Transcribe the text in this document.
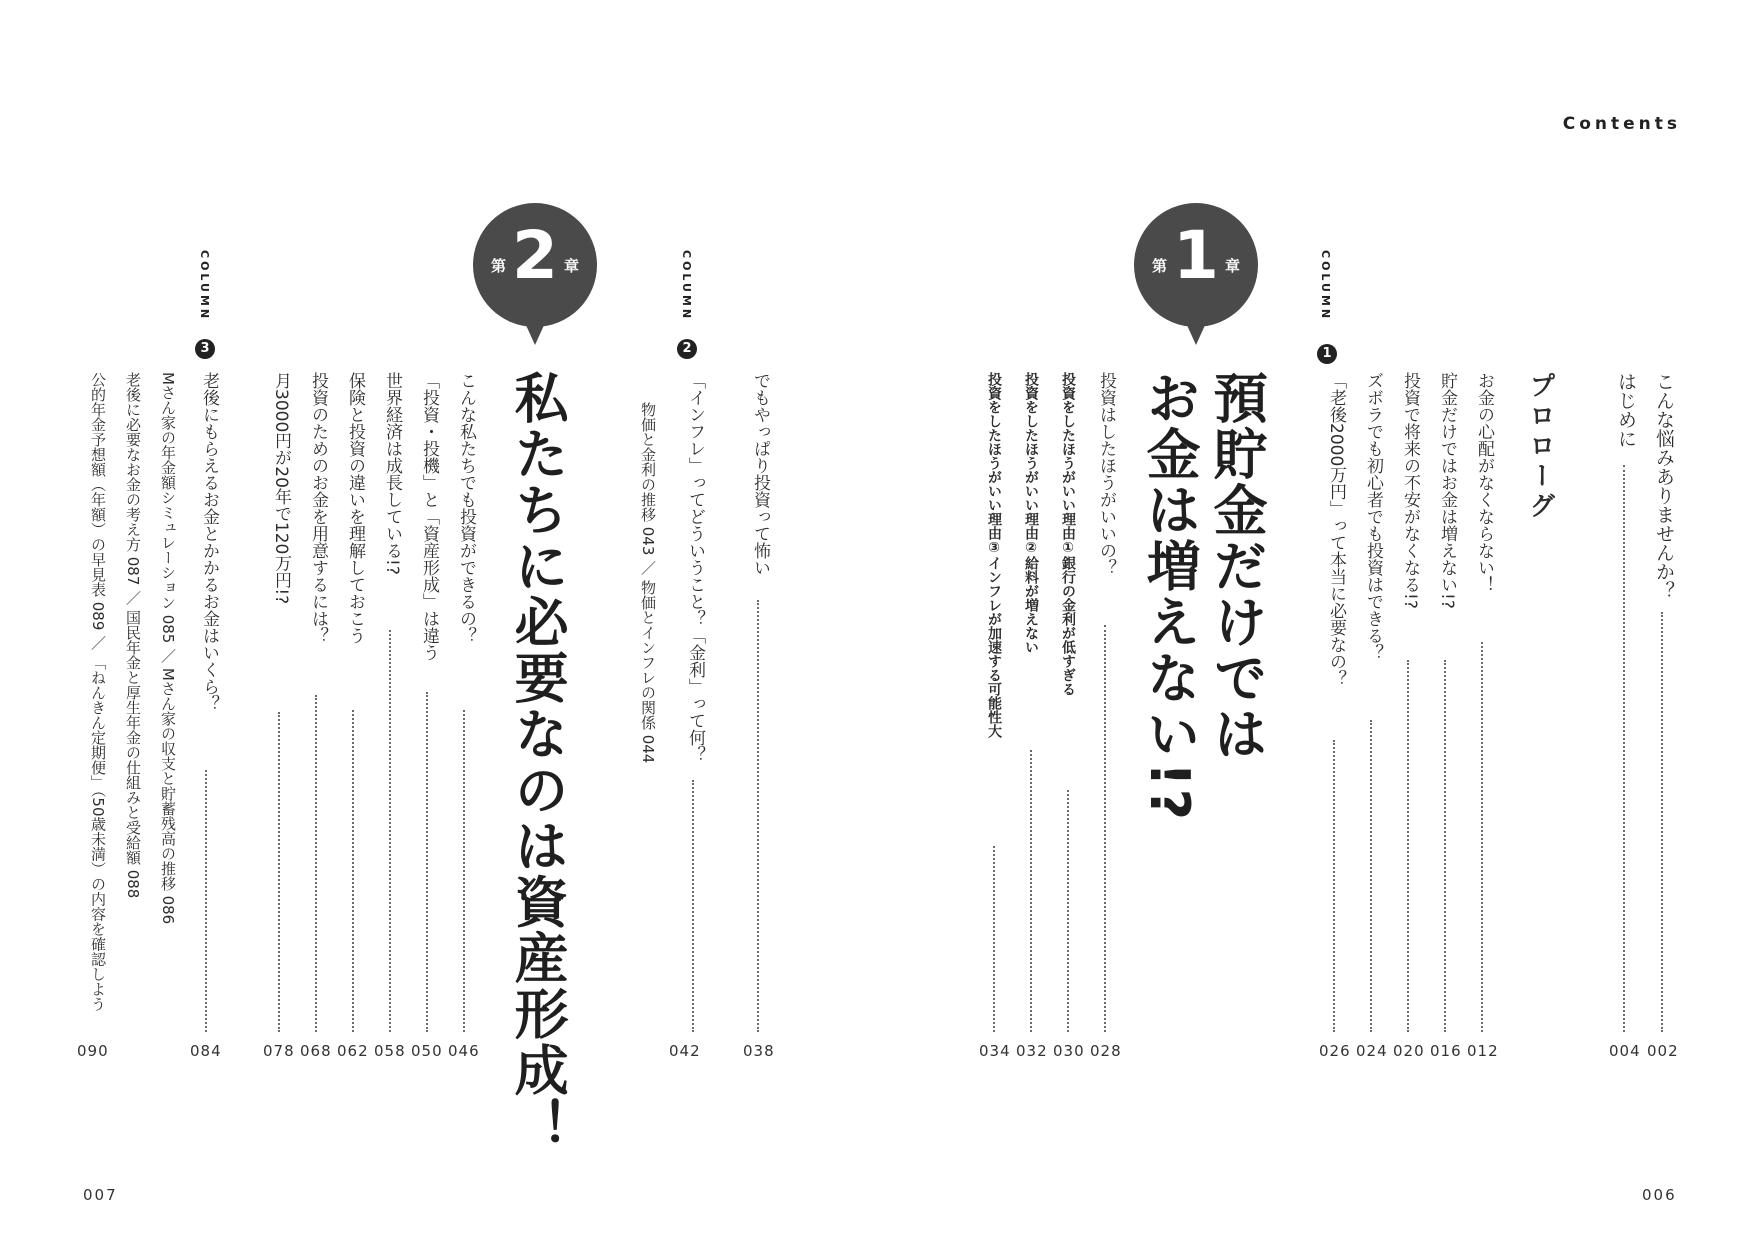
Contents
こんな悩みありませんか？
002
はじめに
004
プロローグ
お金の心配がなくならない！
012
貯金だけではお金は増えない!?
016
投資で将来の不安がなくなる!?
020
ズボラでも初心者でも投資はできる？
024
COLUMN
1
「老後2000万円」って本当に必要なの？
026
第 1 章
預貯金だけでは
お金は増えない!?
投資はしたほうがいいの？
028
投資をしたほうがいい理由①銀行の金利が低すぎる
030
投資をしたほうがいい理由②給料が増えない
032
投資をしたほうがいい理由③インフレが加速する可能性大
034
でもやっぱり投資って怖い
038
COLUMN
2
「インフレ」ってどういうこと？「金利」って何？
042
物価と金利の推移 043 ／ 物価とインフレの関係 044
第 2 章
私たちに必要なのは資産形成！
こんな私たちでも投資ができるの？
046
「投資・投機」と「資産形成」は違う
050
世界経済は成長している!?
058
保険と投資の違いを理解しておこう
062
投資のためのお金を用意するには？
068
月3000円が20年で120万円!?
078
COLUMN
3
老後にもらえるお金とかかるお金はいくら？
084
Mさん家の年金額シミュレーション 085 ／ Mさん家の収支と貯蓄残高の推移 086
老後に必要なお金の考え方 087 ／ 国民年金と厚生年金の仕組みと受給額 088
公的年金予想額（年額）の早見表 089 ／ 「ねんきん定期便」（50歳未満）の内容を確認しよう
090
007	006
